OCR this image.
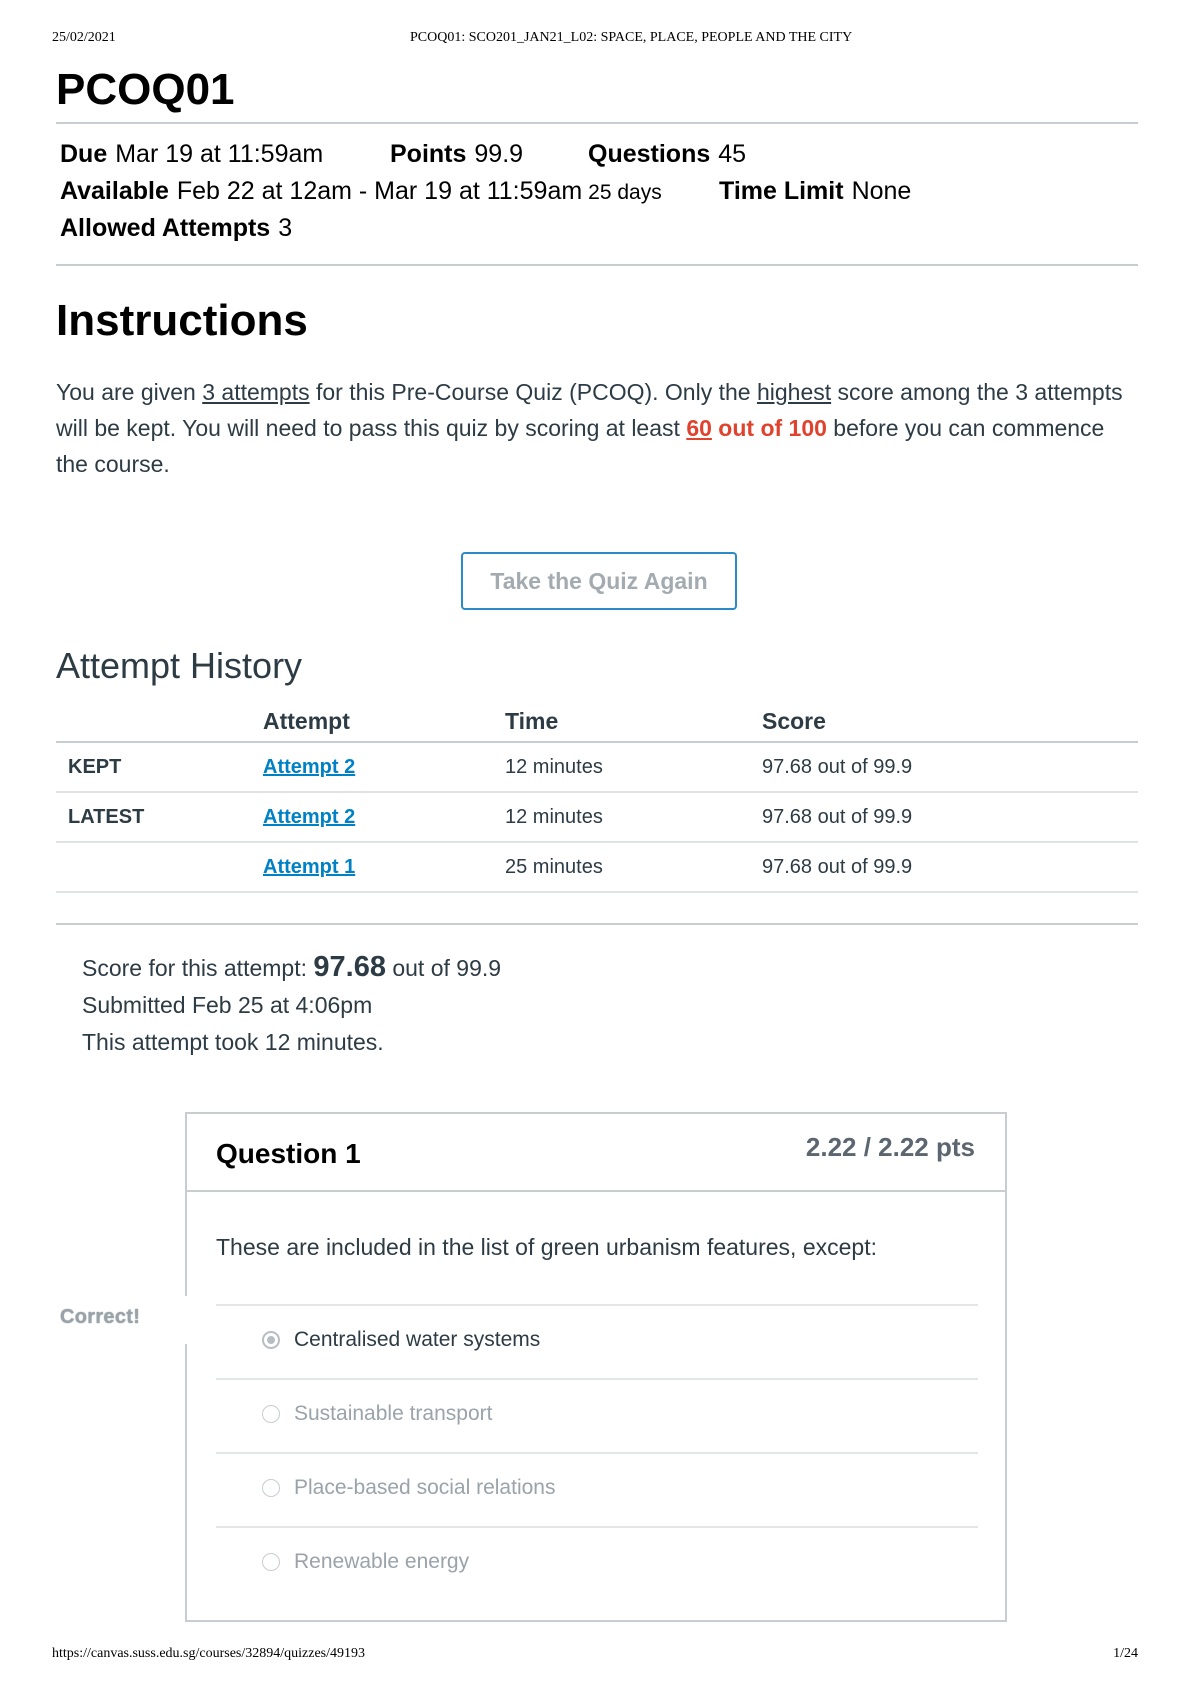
25/02/2021	PCOQ01: SCO201_JAN21_L02: SPACE, PLACE, PEOPLE AND THE CITY
PCOQ01
Due Mar 19 at 11:59am	Points 99.9	Questions 45
Available Feb 22 at 12am - Mar 19 at 11:59am 25 days Time Limit None
Allowed Attempts 3
Instructions

You are given 3 attempts for this Pre-Course Quiz (PCOQ). Only the highest score among the 3 attempts will be kept. You will need to pass this quiz by scoring at least 60 out of 100 before you can commence the course.

Take the Quiz Again
Attempt History
	Attempt	Time	Score
KEPT	Attempt 2	12 minutes	97.68 out of 99.9
LATEST	Attempt 2	12 minutes	97.68 out of 99.9
	Attempt 1	25 minutes	97.68 out of 99.9
Score for this attempt: 97.68 out of 99.9
Submitted Feb 25 at 4:06pm
This attempt took 12 minutes.
Question 1	2.22 / 2.22 pts
These are included in the list of green urbanism features, except:
Centralised water systems
Sustainable transport
Place-based social relations
Renewable energy
Correct!
https://canvas.suss.edu.sg/courses/32894/quizzes/49193	1/24
